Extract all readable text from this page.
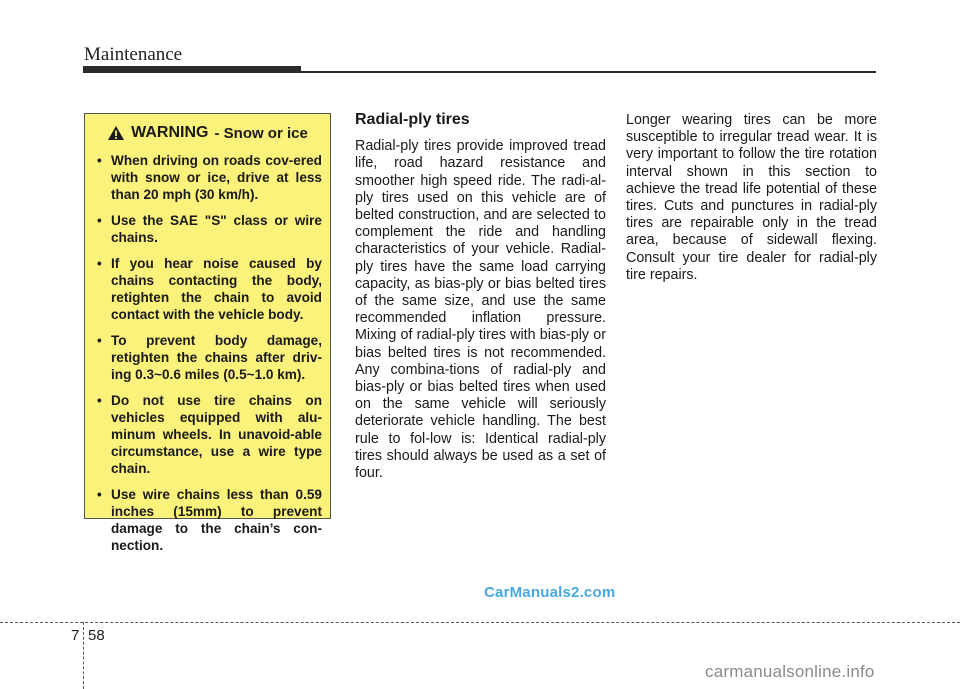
Maintenance
WARNING - Snow or ice
• When driving on roads cov-ered with snow or ice, drive at less than 20 mph (30 km/h).
• Use the SAE "S" class or wire chains.
• If you hear noise caused by chains contacting the body, retighten the chain to avoid contact with the vehicle body.
• To prevent body damage, retighten the chains after driv-ing 0.3~0.6 miles (0.5~1.0 km).
• Do not use tire chains on vehicles equipped with alu-minum wheels. In unavoid-able circumstance, use a wire type chain.
• Use wire chains less than 0.59 inches (15mm) to prevent damage to the chain’s con-nection.
Radial-ply tires

Radial-ply tires provide improved tread life, road hazard resistance and smoother high speed ride. The radi-al-ply tires used on this vehicle are of belted construction, and are selected to complement the ride and handling characteristics of your vehicle. Radial-ply tires have the same load carrying capacity, as bias-ply or bias belted tires of the same size, and use the same recommended inflation pressure. Mixing of radial-ply tires with bias-ply or bias belted tires is not recommended. Any combina-tions of radial-ply and bias-ply or bias belted tires when used on the same vehicle will seriously deteriorate vehicle handling. The best rule to fol-low is: Identical radial-ply tires should always be used as a set of four.

Longer wearing tires can be more susceptible to irregular tread wear. It is very important to follow the tire rotation interval shown in this section to achieve the tread life potential of these tires. Cuts and punctures in radial-ply tires are repairable only in the tread area, because of sidewall flexing. Consult your tire dealer for radial-ply tire repairs.

CarManuals2.com
7 58
carmanualsonline.info
